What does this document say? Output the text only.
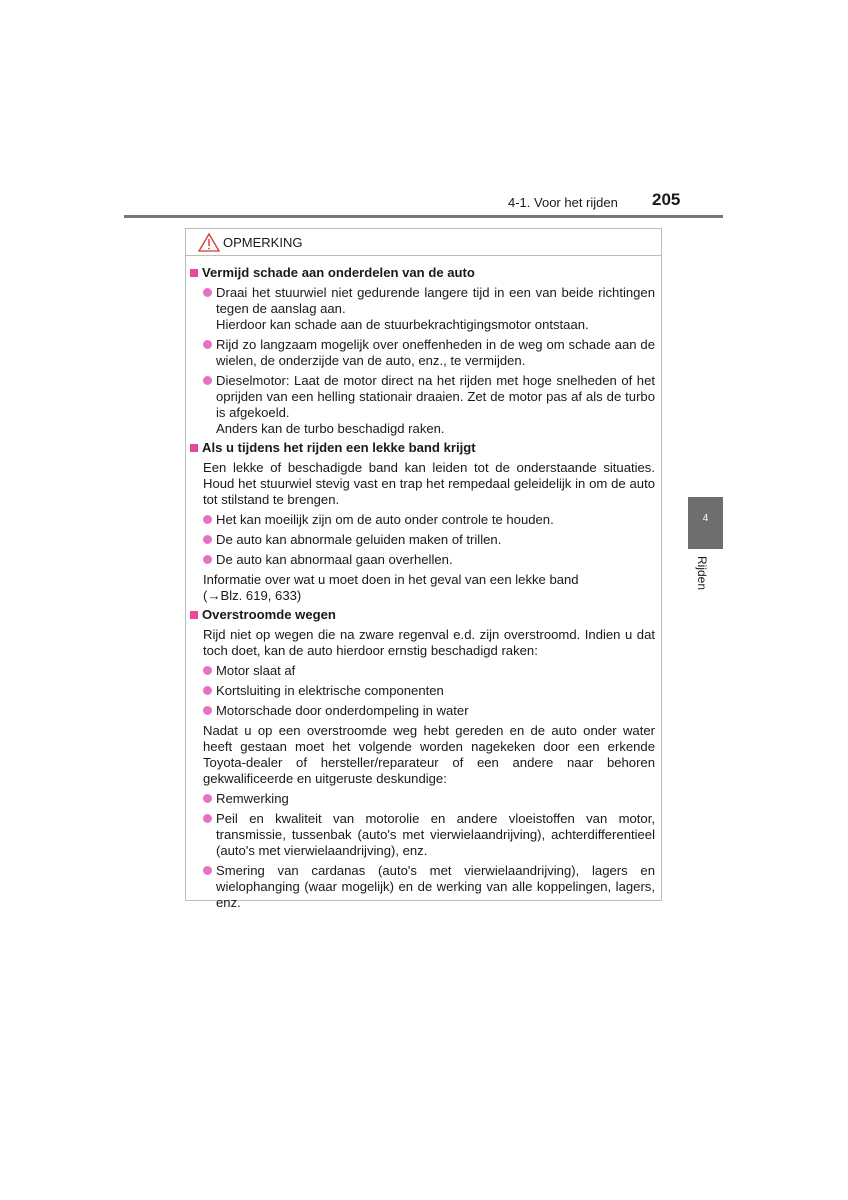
4-1. Voor het rijden 205
4
Rijden
OPMERKING
Vermijd schade aan onderdelen van de auto
Draai het stuurwiel niet gedurende langere tijd in een van beide richtingen tegen de aanslag aan.
Hierdoor kan schade aan de stuurbekrachtigingsmotor ontstaan.
Rijd zo langzaam mogelijk over oneffenheden in de weg om schade aan de wielen, de onderzijde van de auto, enz., te vermijden.
Dieselmotor: Laat de motor direct na het rijden met hoge snelheden of het oprijden van een helling stationair draaien. Zet de motor pas af als de turbo is afgekoeld.
Anders kan de turbo beschadigd raken.
Als u tijdens het rijden een lekke band krijgt
Een lekke of beschadigde band kan leiden tot de onderstaande situaties. Houd het stuurwiel stevig vast en trap het rempedaal geleidelijk in om de auto tot stilstand te brengen.
Het kan moeilijk zijn om de auto onder controle te houden.
De auto kan abnormale geluiden maken of trillen.
De auto kan abnormaal gaan overhellen.
Informatie over wat u moet doen in het geval van een lekke band
(→Blz. 619, 633)
Overstroomde wegen
Rijd niet op wegen die na zware regenval e.d. zijn overstroomd. Indien u dat toch doet, kan de auto hierdoor ernstig beschadigd raken:
Motor slaat af
Kortsluiting in elektrische componenten
Motorschade door onderdompeling in water
Nadat u op een overstroomde weg hebt gereden en de auto onder water heeft gestaan moet het volgende worden nagekeken door een erkende Toyota-dealer of hersteller/reparateur of een andere naar behoren gekwalificeerde en uitgeruste deskundige:
Remwerking
Peil en kwaliteit van motorolie en andere vloeistoffen van motor, transmissie, tussenbak (auto's met vierwielaandrijving), achterdifferentieel (auto's met vierwielaandrijving), enz.
Smering van cardanas (auto's met vierwielaandrijving), lagers en wielophanging (waar mogelijk) en de werking van alle koppelingen, lagers, enz.
